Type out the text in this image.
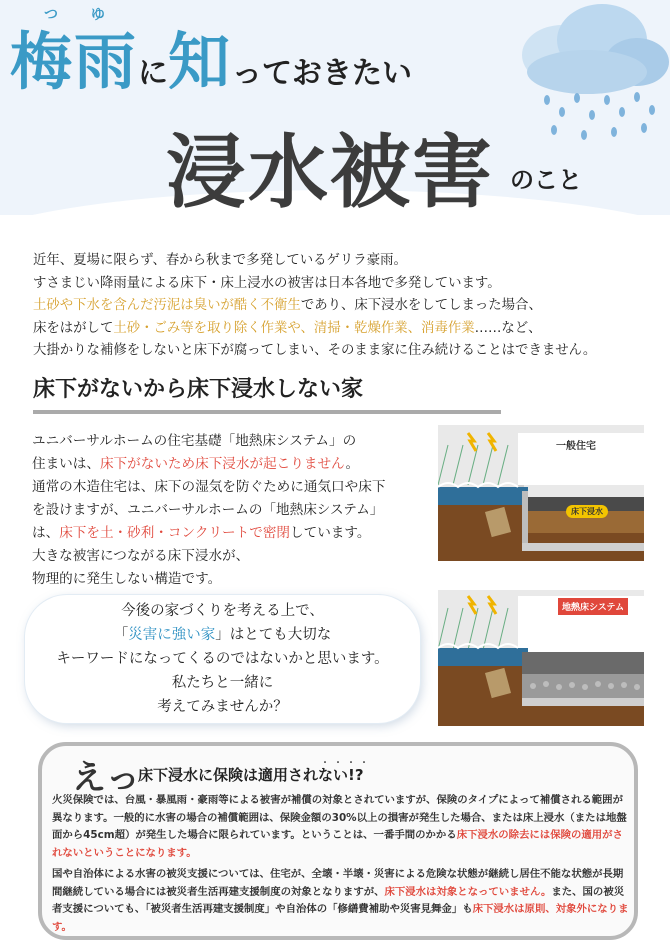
つ ゆ
梅雨に知っておきたい
浸水被害 のこと
近年、夏場に限らず、春から秋まで多発しているゲリラ豪雨。
すさまじい降雨量による床下・床上浸水の被害は日本各地で多発しています。
土砂や下水を含んだ汚泥は臭いが酷く不衛生であり、床下浸水をしてしまった場合、
床をはがして土砂・ごみ等を取り除く作業や、清掃・乾燥作業、消毒作業……など、
大掛かりな補修をしないと床下が腐ってしまい、そのまま家に住み続けることはできません。
床下がないから床下浸水しない家
ユニバーサルホームの住宅基礎「地熱床システム」の
住まいは、床下がないため床下浸水が起こりません。
通常の木造住宅は、床下の湿気を防ぐために通気口や床下
を設けますが、ユニバーサルホームの「地熱床システム」
は、床下を土・砂利・コンクリートで密閉しています。
大きな被害につながる床下浸水が、
物理的に発生しない構造です。
一般住宅
床下浸水
地熱床システム
今後の家づくりを考える上で、
「災害に強い家」はとても大切な
キーワードになってくるのではないかと思います。
私たちと一緒に
考えてみませんか？
えっ	・・・・
床下浸水に保険は適用されない!?
火災保険では、台風・暴風雨・豪雨等による被害が補償の対象とされていますが、保険のタイプによって補償される範囲が異なります。一般的に水害の場合の補償範囲は、保険金額の30%以上の損害が発生した場合、または床上浸水（または地盤面から45cm超）が発生した場合に限られています。ということは、一番手間のかかる床下浸水の除去には保険の適用がされないということになります。
国や自治体による水害の被災支援については、住宅が、全壊・半壊・災害による危険な状態が継続し居住不能な状態が長期間継続している場合には被災者生活再建支援制度の対象となりますが、床下浸水は対象となっていません。また、国の被災者支援についても、「被災者生活再建支援制度」や自治体の「修繕費補助や災害見舞金」も床下浸水は原則、対象外になります。
